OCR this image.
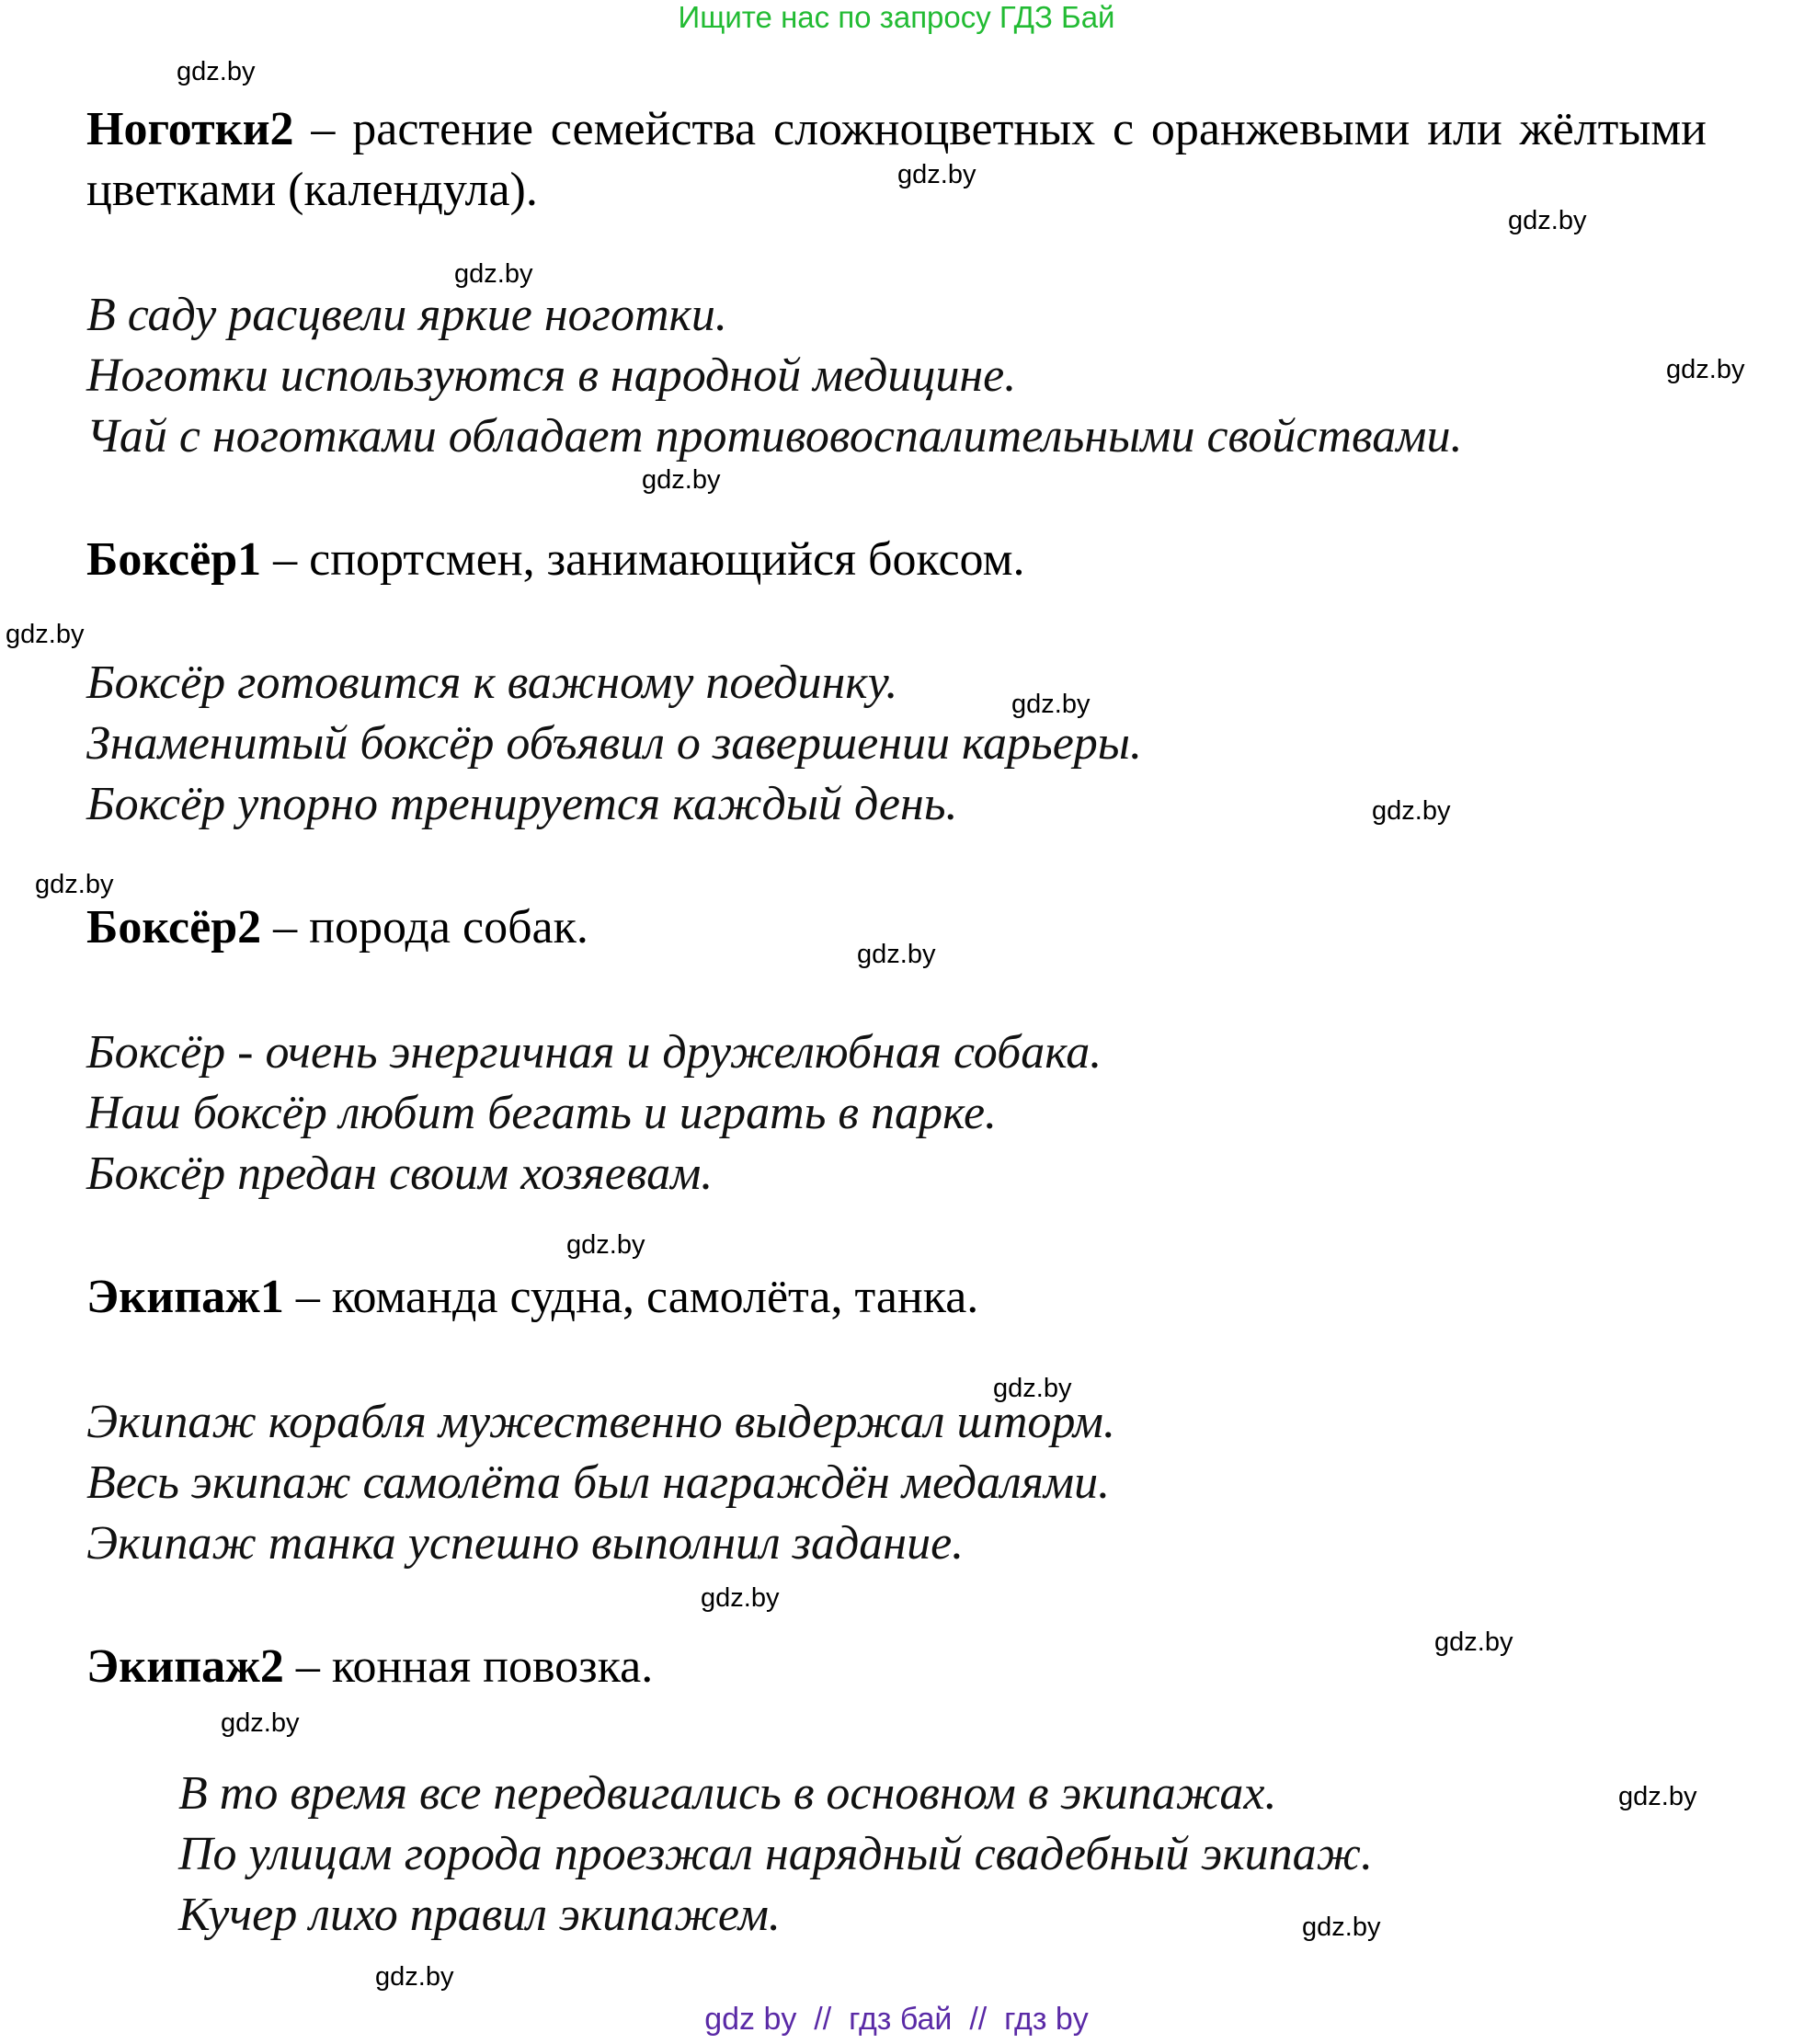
Ищите нас по запросу ГДЗ Бай
Ноготки2 – растение семейства сложноцветных с оранжевыми или жёлтыми цветками (календула).
В саду расцвели яркие ноготки.
Ноготки используются в народной медицине.
Чай с ноготками обладает противовоспалительными свойствами.
Боксёр1 – спортсмен, занимающийся боксом.
Боксёр готовится к важному поединку.
Знаменитый боксёр объявил о завершении карьеры.
Боксёр упорно тренируется каждый день.
Боксёр2 – порода собак.
Боксёр - очень энергичная и дружелюбная собака.
Наш боксёр любит бегать и играть в парке.
Боксёр предан своим хозяевам.
Экипаж1 – команда судна, самолёта, танка.
Экипаж корабля мужественно выдержал шторм.
Весь экипаж самолёта был награждён медалями.
Экипаж танка успешно выполнил задание.
Экипаж2 – конная повозка.
В то время все передвигались в основном в экипажах.
По улицам города проезжал нарядный свадебный экипаж.
Кучер лихо правил экипажем.
gdz.by
gdz.by
gdz.by
gdz.by
gdz.by
gdz.by
gdz.by
gdz.by
gdz.by
gdz.by
gdz.by
gdz.by
gdz.by
gdz.by
gdz.by
gdz.by
gdz.by
gdz.by
gdz.by
gdz by  //  гдз бай  //  гдз by
